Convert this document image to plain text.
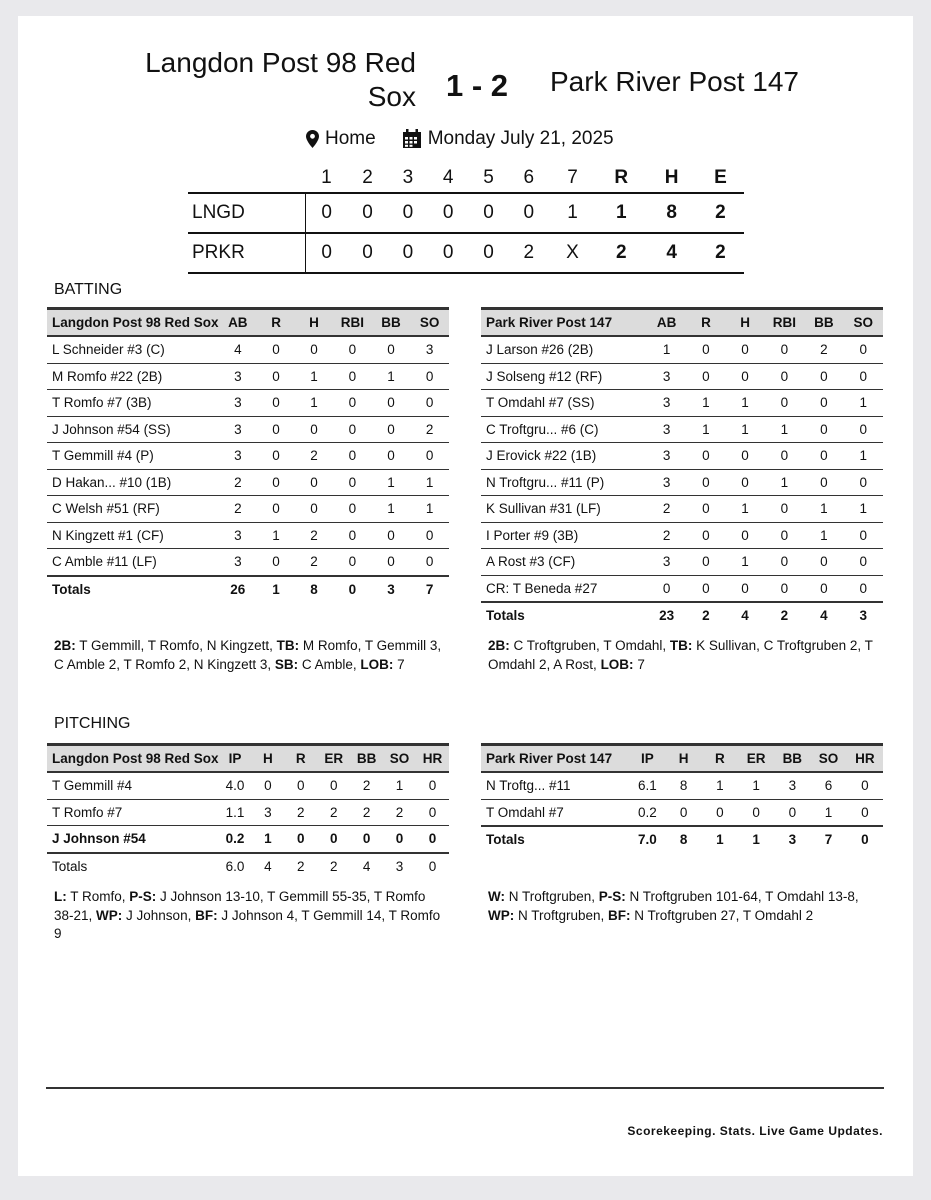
Langdon Post 98 Red Sox 1 - 2 Park River Post 147
Home	Monday July 21, 2025
	1	2	3	4	5	6	7	R	H	E
LNGD	0	0	0	0	0	0	1	1	8	2
PRKR	0	0	0	0	0	2	X	2	4	2
BATTING
Langdon Post 98 Red Sox	AB	R	H	RBI	BB	SO
L Schneider #3 (C)	4	0	0	0	0	3
M Romfo #22 (2B)	3	0	1	0	1	0
T Romfo #7 (3B)	3	0	1	0	0	0
J Johnson #54 (SS)	3	0	0	0	0	2
T Gemmill #4 (P)	3	0	2	0	0	0
D Hakan... #10 (1B)	2	0	0	0	1	1
C Welsh #51 (RF)	2	0	0	0	1	1
N Kingzett #1 (CF)	3	1	2	0	0	0
C Amble #11 (LF)	3	0	2	0	0	0
Totals	26	1	8	0	3	7
Park River Post 147	AB	R	H	RBI	BB	SO
J Larson #26 (2B)	1	0	0	0	2	0
J Solseng #12 (RF)	3	0	0	0	0	0
T Omdahl #7 (SS)	3	1	1	0	0	1
C Troftgru... #6 (C)	3	1	1	1	0	0
J Erovick #22 (1B)	3	0	0	0	0	1
N Troftgru... #11 (P)	3	0	0	1	0	0
K Sullivan #31 (LF)	2	0	1	0	1	1
I Porter #9 (3B)	2	0	0	0	1	0
A Rost #3 (CF)	3	0	1	0	0	0
CR: T Beneda #27	0	0	0	0	0	0
Totals	23	2	4	2	4	3
2B: T Gemmill, T Romfo, N Kingzett, TB: M Romfo, T Gemmill 3, C Amble 2, T Romfo 2, N Kingzett 3, SB: C Amble, LOB: 7
2B: C Troftgruben, T Omdahl, TB: K Sullivan, C Troftgruben 2, T Omdahl 2, A Rost, LOB: 7
PITCHING
Langdon Post 98 Red Sox	IP	H	R	ER	BB	SO	HR
T Gemmill #4	4.0	0	0	0	2	1	0
T Romfo #7	1.1	3	2	2	2	2	0
J Johnson #54	0.2	1	0	0	0	0	0
Totals	6.0	4	2	2	4	3	0
Park River Post 147	IP	H	R	ER	BB	SO	HR
N Troftg... #11	6.1	8	1	1	3	6	0
T Omdahl #7	0.2	0	0	0	0	1	0
Totals	7.0	8	1	1	3	7	0
L: T Romfo, P-S: J Johnson 13-10, T Gemmill 55-35, T Romfo 38-21, WP: J Johnson, BF: J Johnson 4, T Gemmill 14, T Romfo 9
W: N Troftgruben, P-S: N Troftgruben 101-64, T Omdahl 13-8, WP: N Troftgruben, BF: N Troftgruben 27, T Omdahl 2
Scorekeeping. Stats. Live Game Updates.
